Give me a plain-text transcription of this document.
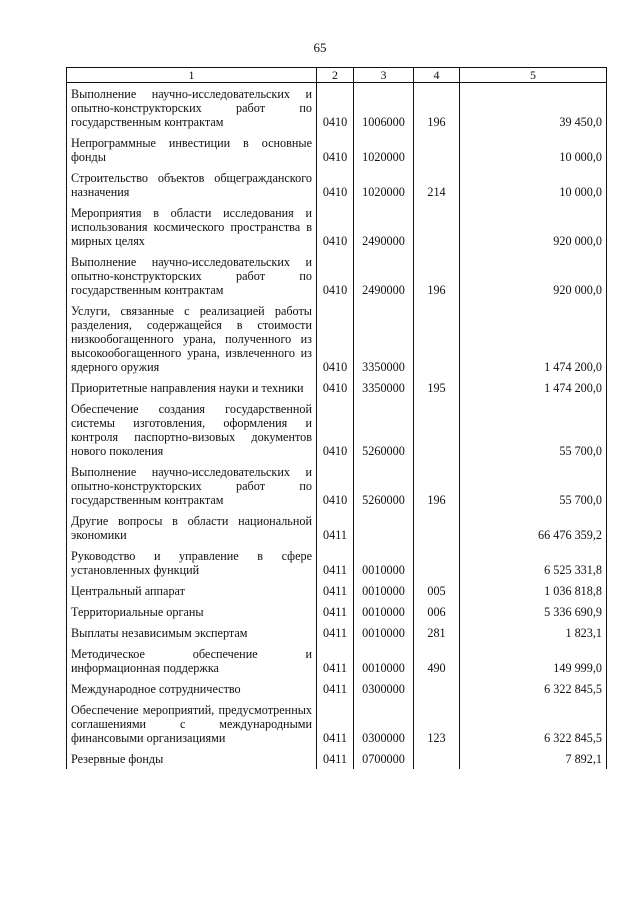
65
1	2	3	4	5
Выполнение научно-исследовательских и опытно-конструкторских работ по государственным контрактам	0410	1006000	196	39 450,0
Непрограммные инвестиции в основные фонды	0410	1020000		10 000,0
Строительство объектов общегражданского назначения	0410	1020000	214	10 000,0
Мероприятия в области исследования и использования космического пространства в мирных целях	0410	2490000		920 000,0
Выполнение научно-исследовательских и опытно-конструкторских работ по государственным контрактам	0410	2490000	196	920 000,0
Услуги, связанные с реализацией работы разделения, содержащейся в стоимости низкообогащенного урана, полученного из высокообогащенного урана, извлеченного из ядерного оружия	0410	3350000		1 474 200,0
Приоритетные направления науки и техники	0410	3350000	195	1 474 200,0
Обеспечение создания государственной системы изготовления, оформления и контроля паспортно-визовых документов нового поколения	0410	5260000		55 700,0
Выполнение научно-исследовательских и опытно-конструкторских работ по государственным контрактам	0410	5260000	196	55 700,0
Другие вопросы в области национальной экономики	0411			66 476 359,2
Руководство и управление в сфере установленных функций	0411	0010000		6 525 331,8
Центральный аппарат	0411	0010000	005	1 036 818,8
Территориальные органы	0411	0010000	006	5 336 690,9
Выплаты независимым экспертам	0411	0010000	281	1 823,1
Методическое обеспечение и информационная поддержка	0411	0010000	490	149 999,0
Международное сотрудничество	0411	0300000		6 322 845,5
Обеспечение мероприятий, предусмотренных соглашениями с международными финансовыми организациями	0411	0300000	123	6 322 845,5
Резервные фонды	0411	0700000		7 892,1
